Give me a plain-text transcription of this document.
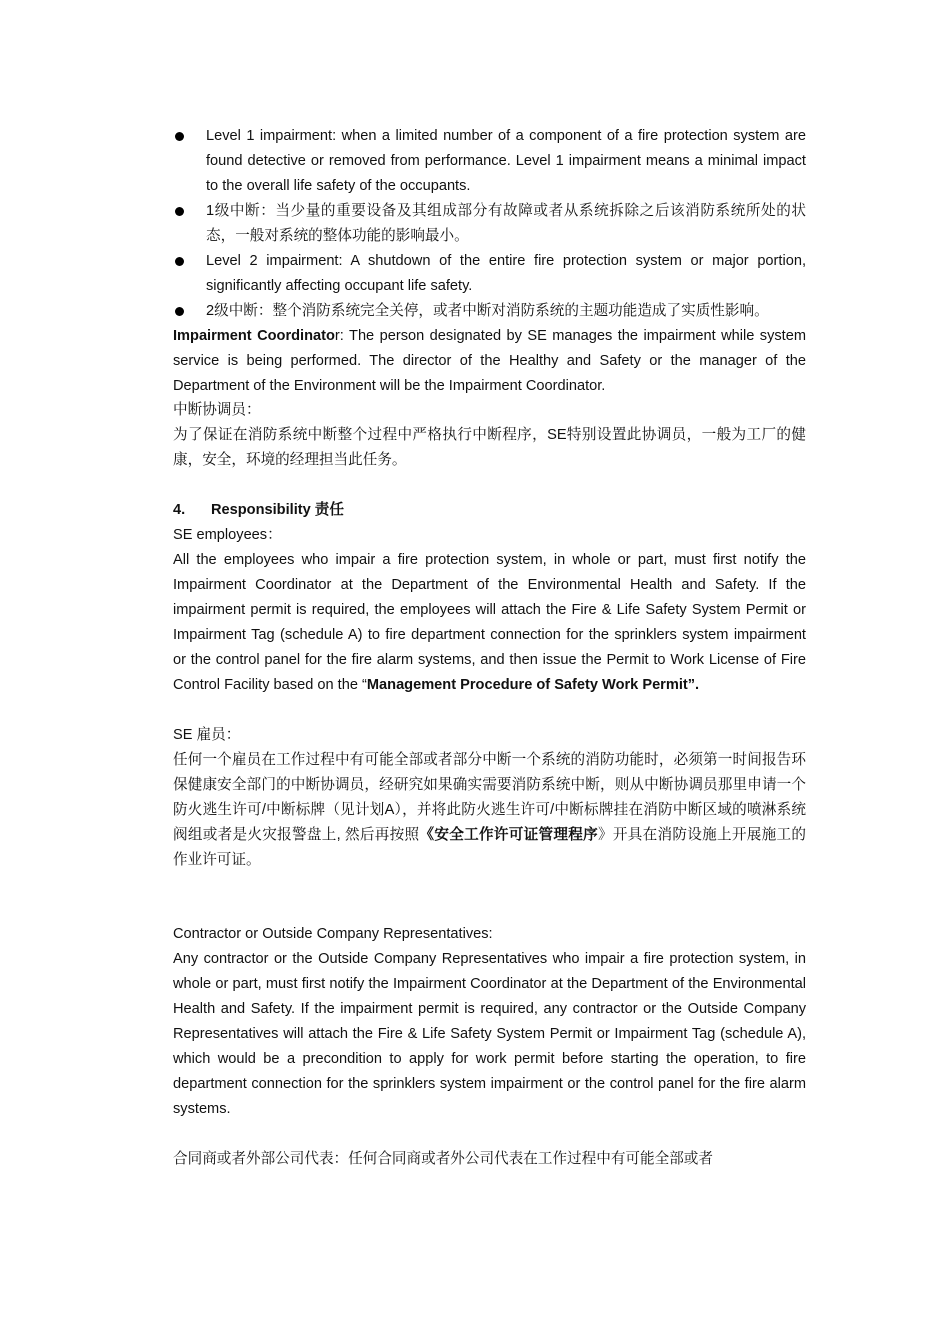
Level 1 impairment: when a limited number of a component of a fire protection system are found detective or removed from performance. Level 1 impairment means a minimal impact to the overall life safety of the occupants.
1级中断：当少量的重要设备及其组成部分有故障或者从系统拆除之后该消防系统所处的状态，一般对系统的整体功能的影响最小。
Level 2 impairment: A shutdown of the entire fire protection system or major portion, significantly affecting occupant life safety.
2级中断：整个消防系统完全关停，或者中断对消防系统的主题功能造成了实质性影响。

Impairment Coordinator: The person designated by SE manages the impairment while system service is being performed. The director of the Healthy and Safety or the manager of the Department of the Environment will be the Impairment Coordinator.

中断协调员：

为了保证在消防系统中断整个过程中严格执行中断程序，SE特别设置此协调员，一般为工厂的健康，安全，环境的经理担当此任务。

4.	Responsibility 责任

SE employees：

All the employees who impair a fire protection system, in whole or part, must first notify the Impairment Coordinator at the Department of the Environmental Health and Safety. If the impairment permit is required, the employees will attach the Fire & Life Safety System Permit or Impairment Tag (schedule A) to fire department connection for the sprinklers system impairment or the control panel for the fire alarm systems, and then issue the Permit to Work License of Fire Control Facility based on the “Management Procedure of Safety Work Permit”.

SE 雇员：

任何一个雇员在工作过程中有可能全部或者部分中断一个系统的消防功能时，必须第一时间报告环保健康安全部门的中断协调员，经研究如果确实需要消防系统中断，则从中断协调员那里申请一个防火逃生许可/中断标牌（见计划A），并将此防火逃生许可/中断标牌挂在消防中断区域的喷淋系统阀组或者是火灾报警盘上, 然后再按照《安全工作许可证管理程序》开具在消防设施上开展施工的作业许可证。

Contractor or Outside Company Representatives:

Any contractor or the Outside Company Representatives who impair a fire protection system, in whole or part, must first notify the Impairment Coordinator at the Department of the Environmental Health and Safety. If the impairment permit is required, any contractor or the Outside Company Representatives will attach the Fire & Life Safety System Permit or Impairment Tag (schedule A), which would be a precondition to apply for work permit before starting the operation, to fire department connection for the sprinklers system impairment or the control panel for the fire alarm systems.

合同商或者外部公司代表：任何合同商或者外公司代表在工作过程中有可能全部或者
